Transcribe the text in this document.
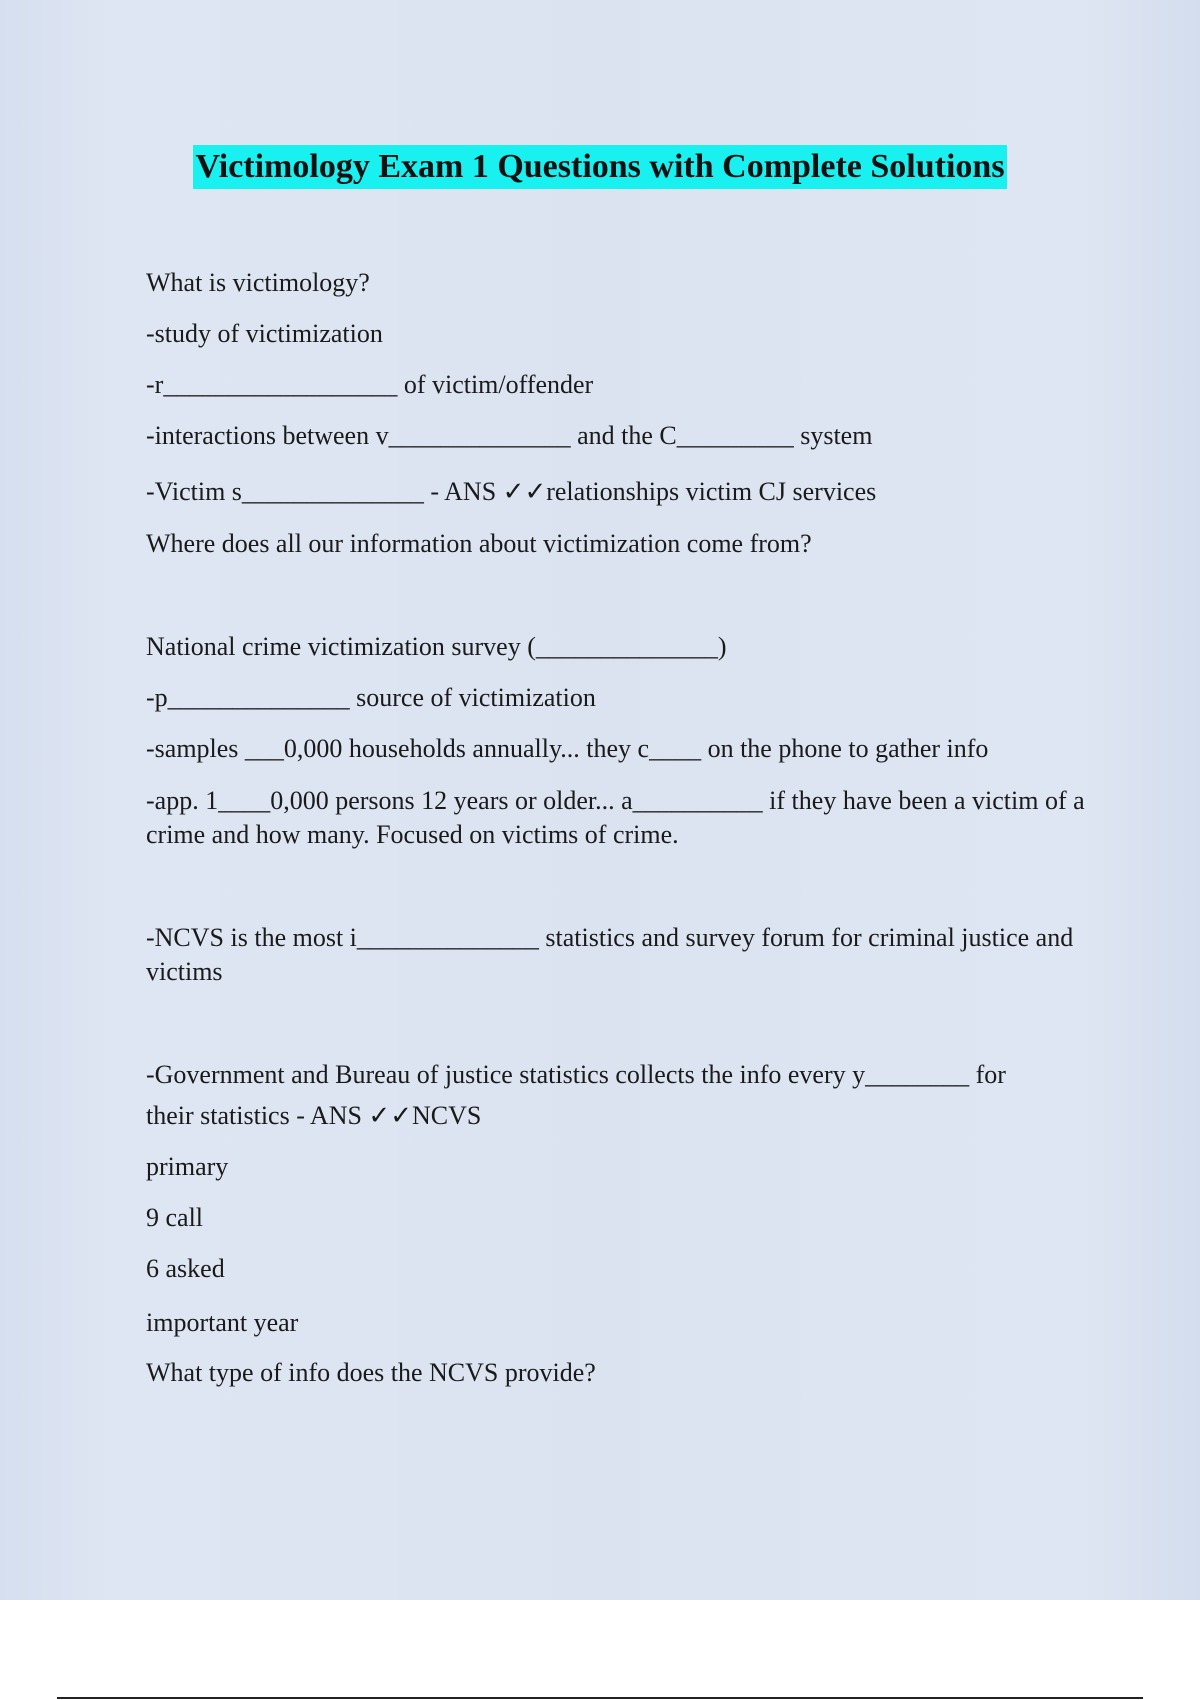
Victimology Exam 1 Questions with Complete Solutions
What is victimology?
-study of victimization
-r__________________ of victim/offender
-interactions between v______________ and the C_________ system
-Victim s______________ - ANS ✓✓relationships victim CJ services
Where does all our information about victimization come from?
National crime victimization survey (______________)
-p______________ source of victimization
-samples ___0,000 households annually... they c____ on the phone to gather info
-app. 1____0,000 persons 12 years or older... a__________ if they have been a victim of a crime and how many. Focused on victims of crime.
-NCVS is the most i______________ statistics and survey forum for criminal justice and victims
-Government and Bureau of justice statistics collects the info every y________ for
their statistics - ANS ✓✓NCVS
primary
9 call
6 asked
important year
What type of info does the NCVS provide?
